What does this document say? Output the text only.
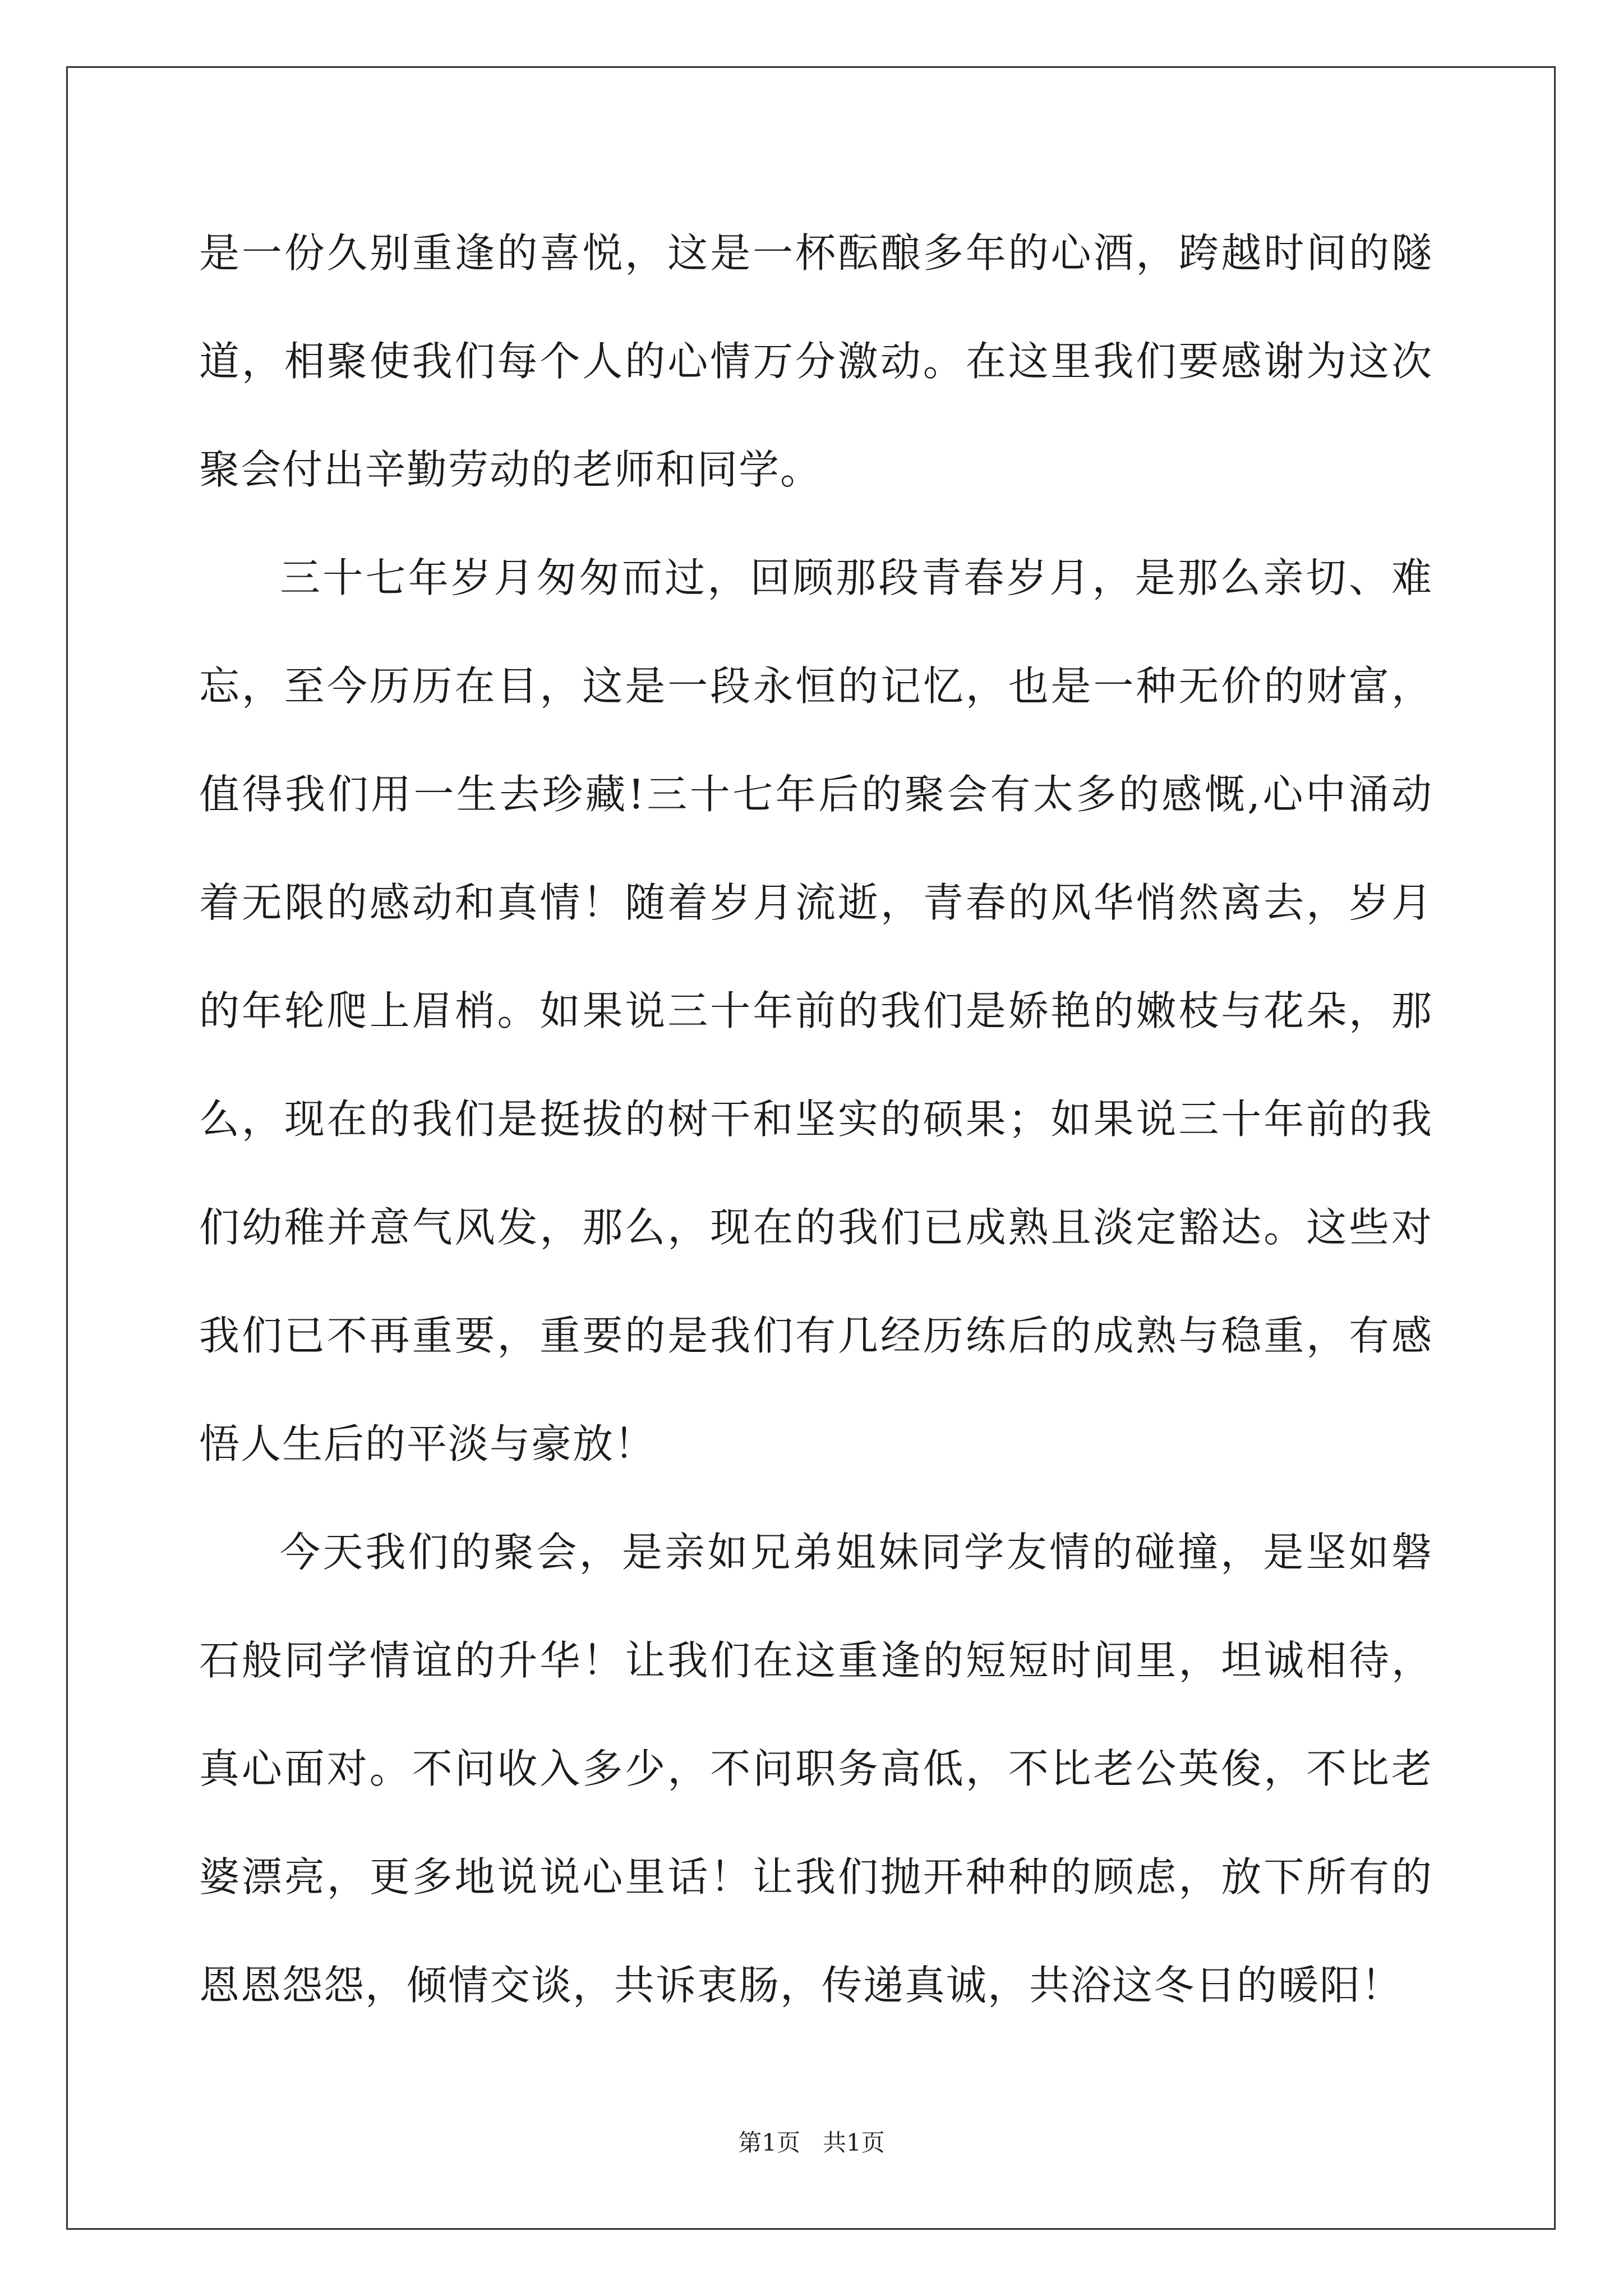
是一份久别重逢的喜悦，这是一杯酝酿多年的心酒，跨越时间的隧道，相聚使我们每个人的心情万分激动。在这里我们要感谢为这次聚会付出辛勤劳动的老师和同学。

三十七年岁月匆匆而过，回顾那段青春岁月，是那么亲切、难忘，至今历历在目，这是一段永恒的记忆，也是一种无价的财富，值得我们用一生去珍藏!三十七年后的聚会有太多的感慨,心中涌动着无限的感动和真情！随着岁月流逝，青春的风华悄然离去，岁月的年轮爬上眉梢。如果说三十年前的我们是娇艳的嫩枝与花朵，那么，现在的我们是挺拔的树干和坚实的硕果；如果说三十年前的我们幼稚并意气风发，那么，现在的我们已成熟且淡定豁达。这些对我们已不再重要，重要的是我们有几经历练后的成熟与稳重，有感悟人生后的平淡与豪放！

今天我们的聚会，是亲如兄弟姐妹同学友情的碰撞，是坚如磐石般同学情谊的升华！让我们在这重逢的短短时间里，坦诚相待，真心面对。不问收入多少，不问职务高低，不比老公英俊，不比老婆漂亮，更多地说说心里话！让我们抛开种种的顾虑，放下所有的恩恩怨怨，倾情交谈，共诉衷肠，传递真诚，共浴这冬日的暖阳！

第1页   共1页
